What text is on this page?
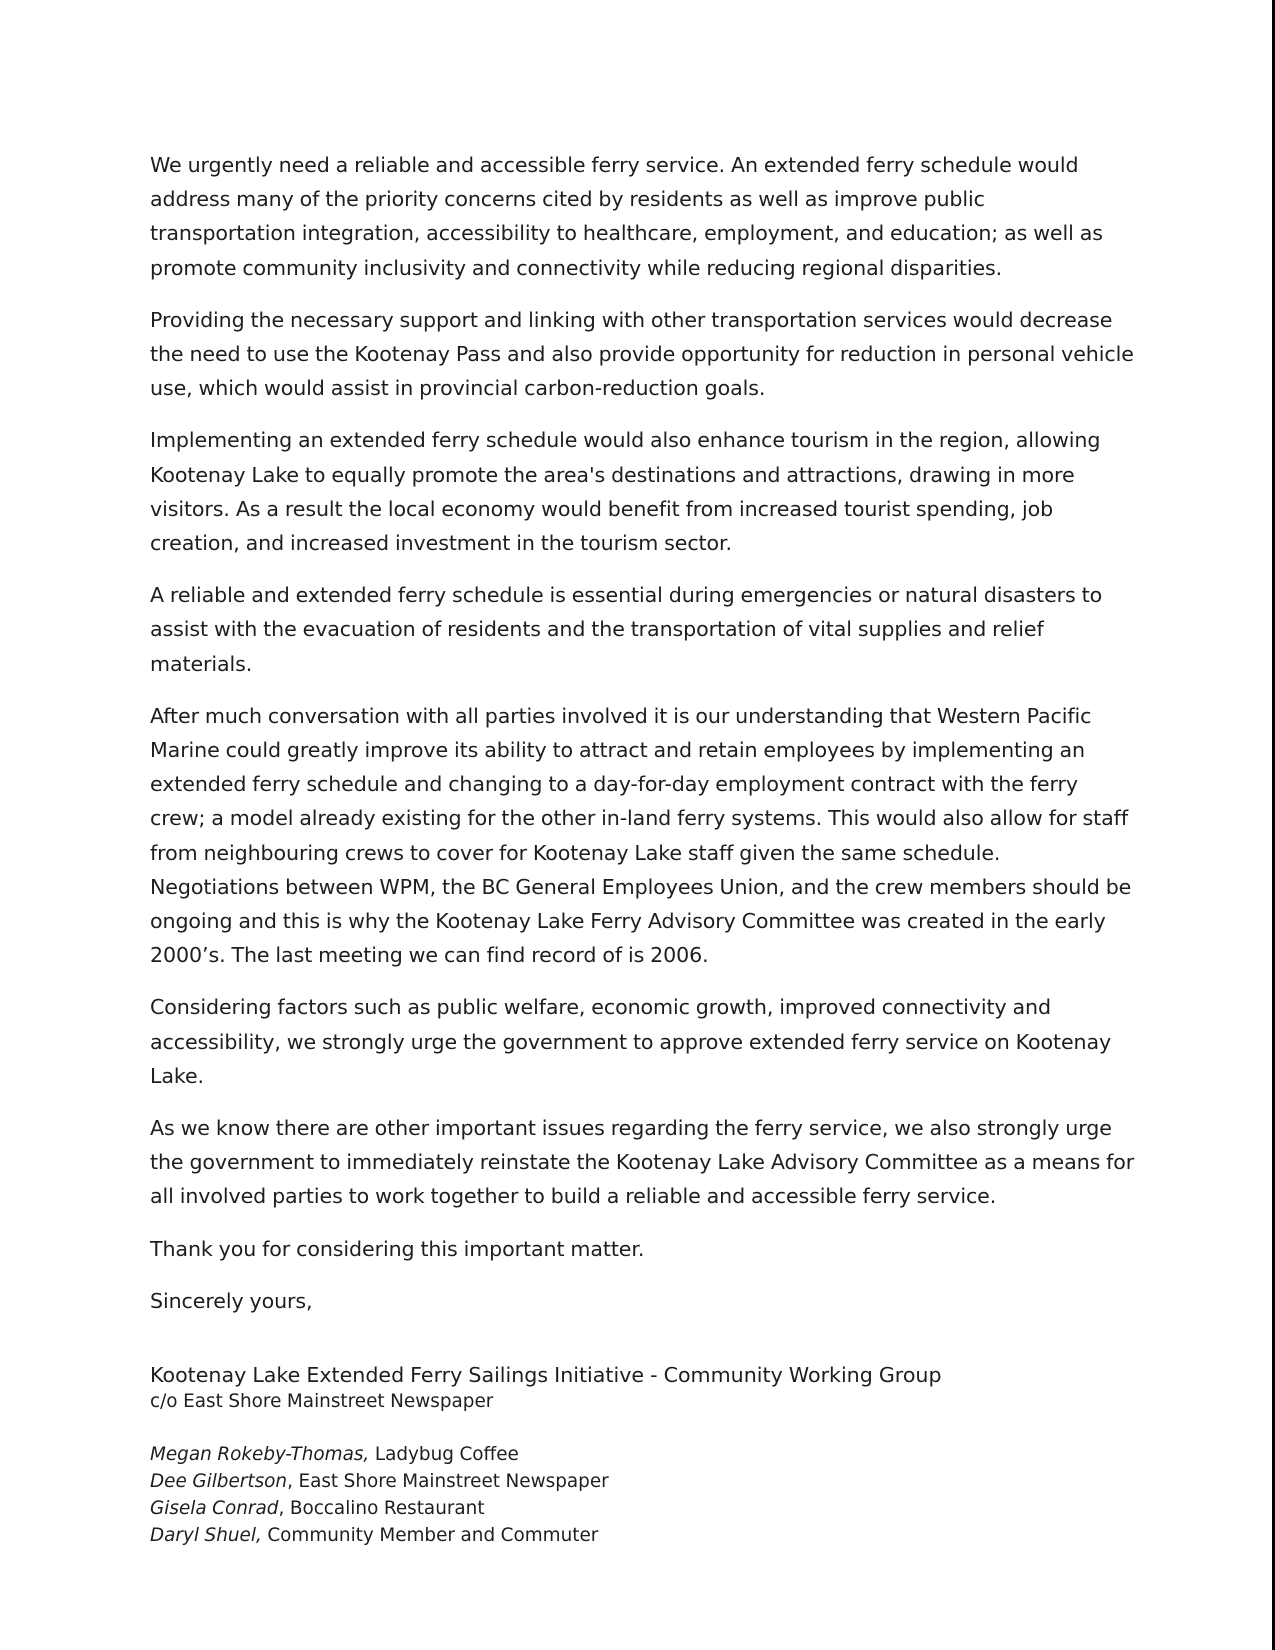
We urgently need a reliable and accessible ferry service. An extended ferry schedule would address many of the priority concerns cited by residents as well as improve public transportation integration, accessibility to healthcare, employment, and education; as well as promote community inclusivity and connectivity while reducing regional disparities.

Providing the necessary support and linking with other transportation services would decrease the need to use the Kootenay Pass and also provide opportunity for reduction in personal vehicle use, which would assist in provincial carbon-reduction goals.

Implementing an extended ferry schedule would also enhance tourism in the region, allowing Kootenay Lake to equally promote the area's destinations and attractions, drawing in more visitors. As a result the local economy would benefit from increased tourist spending, job creation, and increased investment in the tourism sector.

A reliable and extended ferry schedule is essential during emergencies or natural disasters to assist with the evacuation of residents and the transportation of vital supplies and relief materials.

After much conversation with all parties involved it is our understanding that Western Pacific Marine could greatly improve its ability to attract and retain employees by implementing an extended ferry schedule and changing to a day-for-day employment contract with the ferry crew; a model already existing for the other in-land ferry systems. This would also allow for staff from neighbouring crews to cover for Kootenay Lake staff given the same schedule. Negotiations between WPM, the BC General Employees Union, and the crew members should be ongoing and this is why the Kootenay Lake Ferry Advisory Committee was created in the early 2000’s. The last meeting we can find record of is 2006.

Considering factors such as public welfare, economic growth, improved connectivity and accessibility, we strongly urge the government to approve extended ferry service on Kootenay Lake.

As we know there are other important issues regarding the ferry service, we also strongly urge the government to immediately reinstate the Kootenay Lake Advisory Committee as a means for all involved parties to work together to build a reliable and accessible ferry service.

Thank you for considering this important matter.

Sincerely yours,

Kootenay Lake Extended Ferry Sailings Initiative - Community Working Group

c/o East Shore Mainstreet Newspaper

Megan Rokeby-Thomas, Ladybug Coffee

Dee Gilbertson, East Shore Mainstreet Newspaper

Gisela Conrad, Boccalino Restaurant

Daryl Shuel, Community Member and Commuter
